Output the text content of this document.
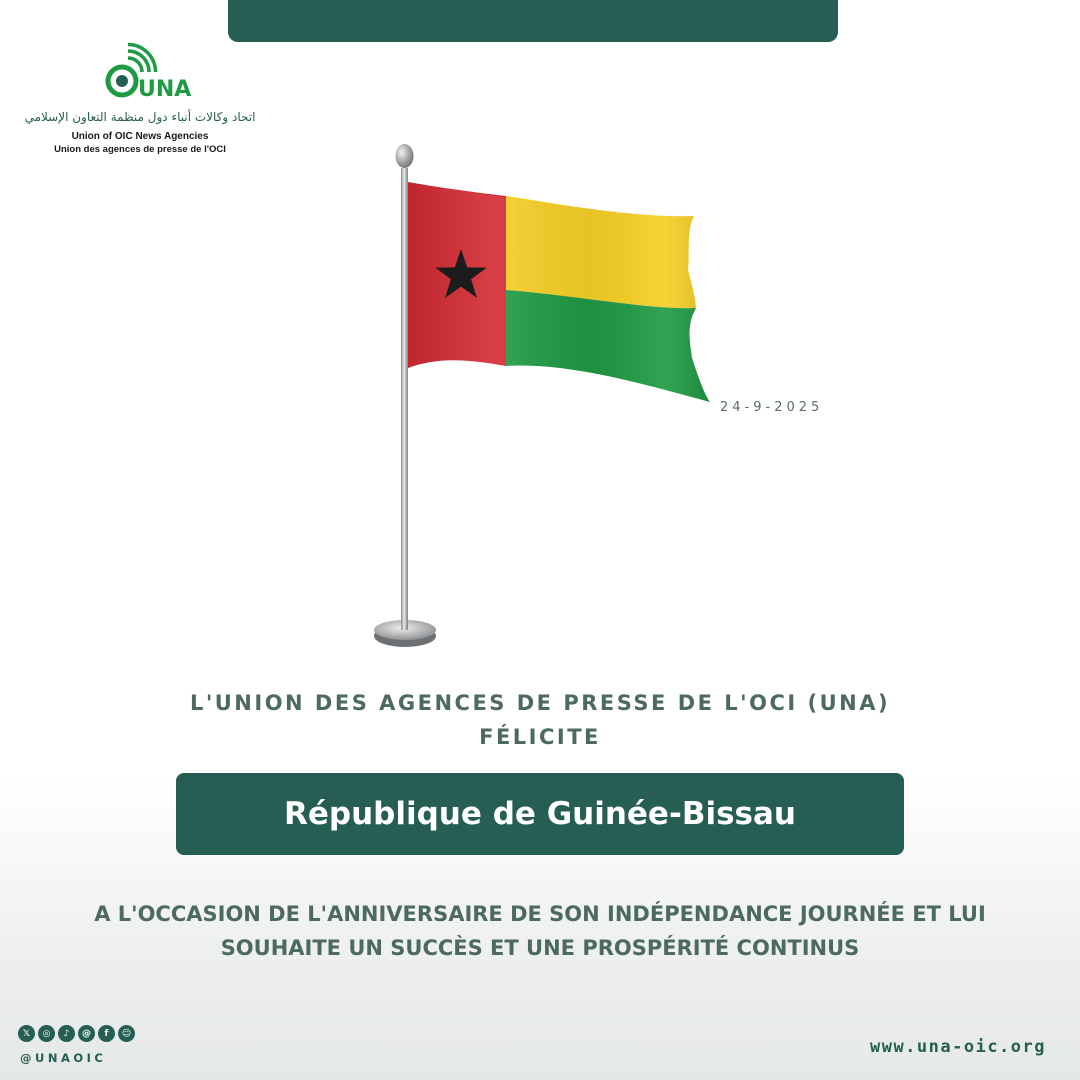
UNA
اتحاد وكالات أنباء دول منظمة التعاون الإسلامي
Union of OIC News Agencies
Union des agences de presse de l'OCI
24-9-2025
L'UNION DES AGENCES DE PRESSE DE L'OCI (UNA)
FÉLICITE
République de Guinée-Bissau
A L'OCCASION DE L'ANNIVERSAIRE DE SON INDÉPENDANCE JOURNÉE ET LUI
SOUHAITE UN SUCCÈS ET UNE PROSPÉRITÉ CONTINUS
𝕏	◎	♪	@	f	☺
@UNAOIC
www.una-oic.org
